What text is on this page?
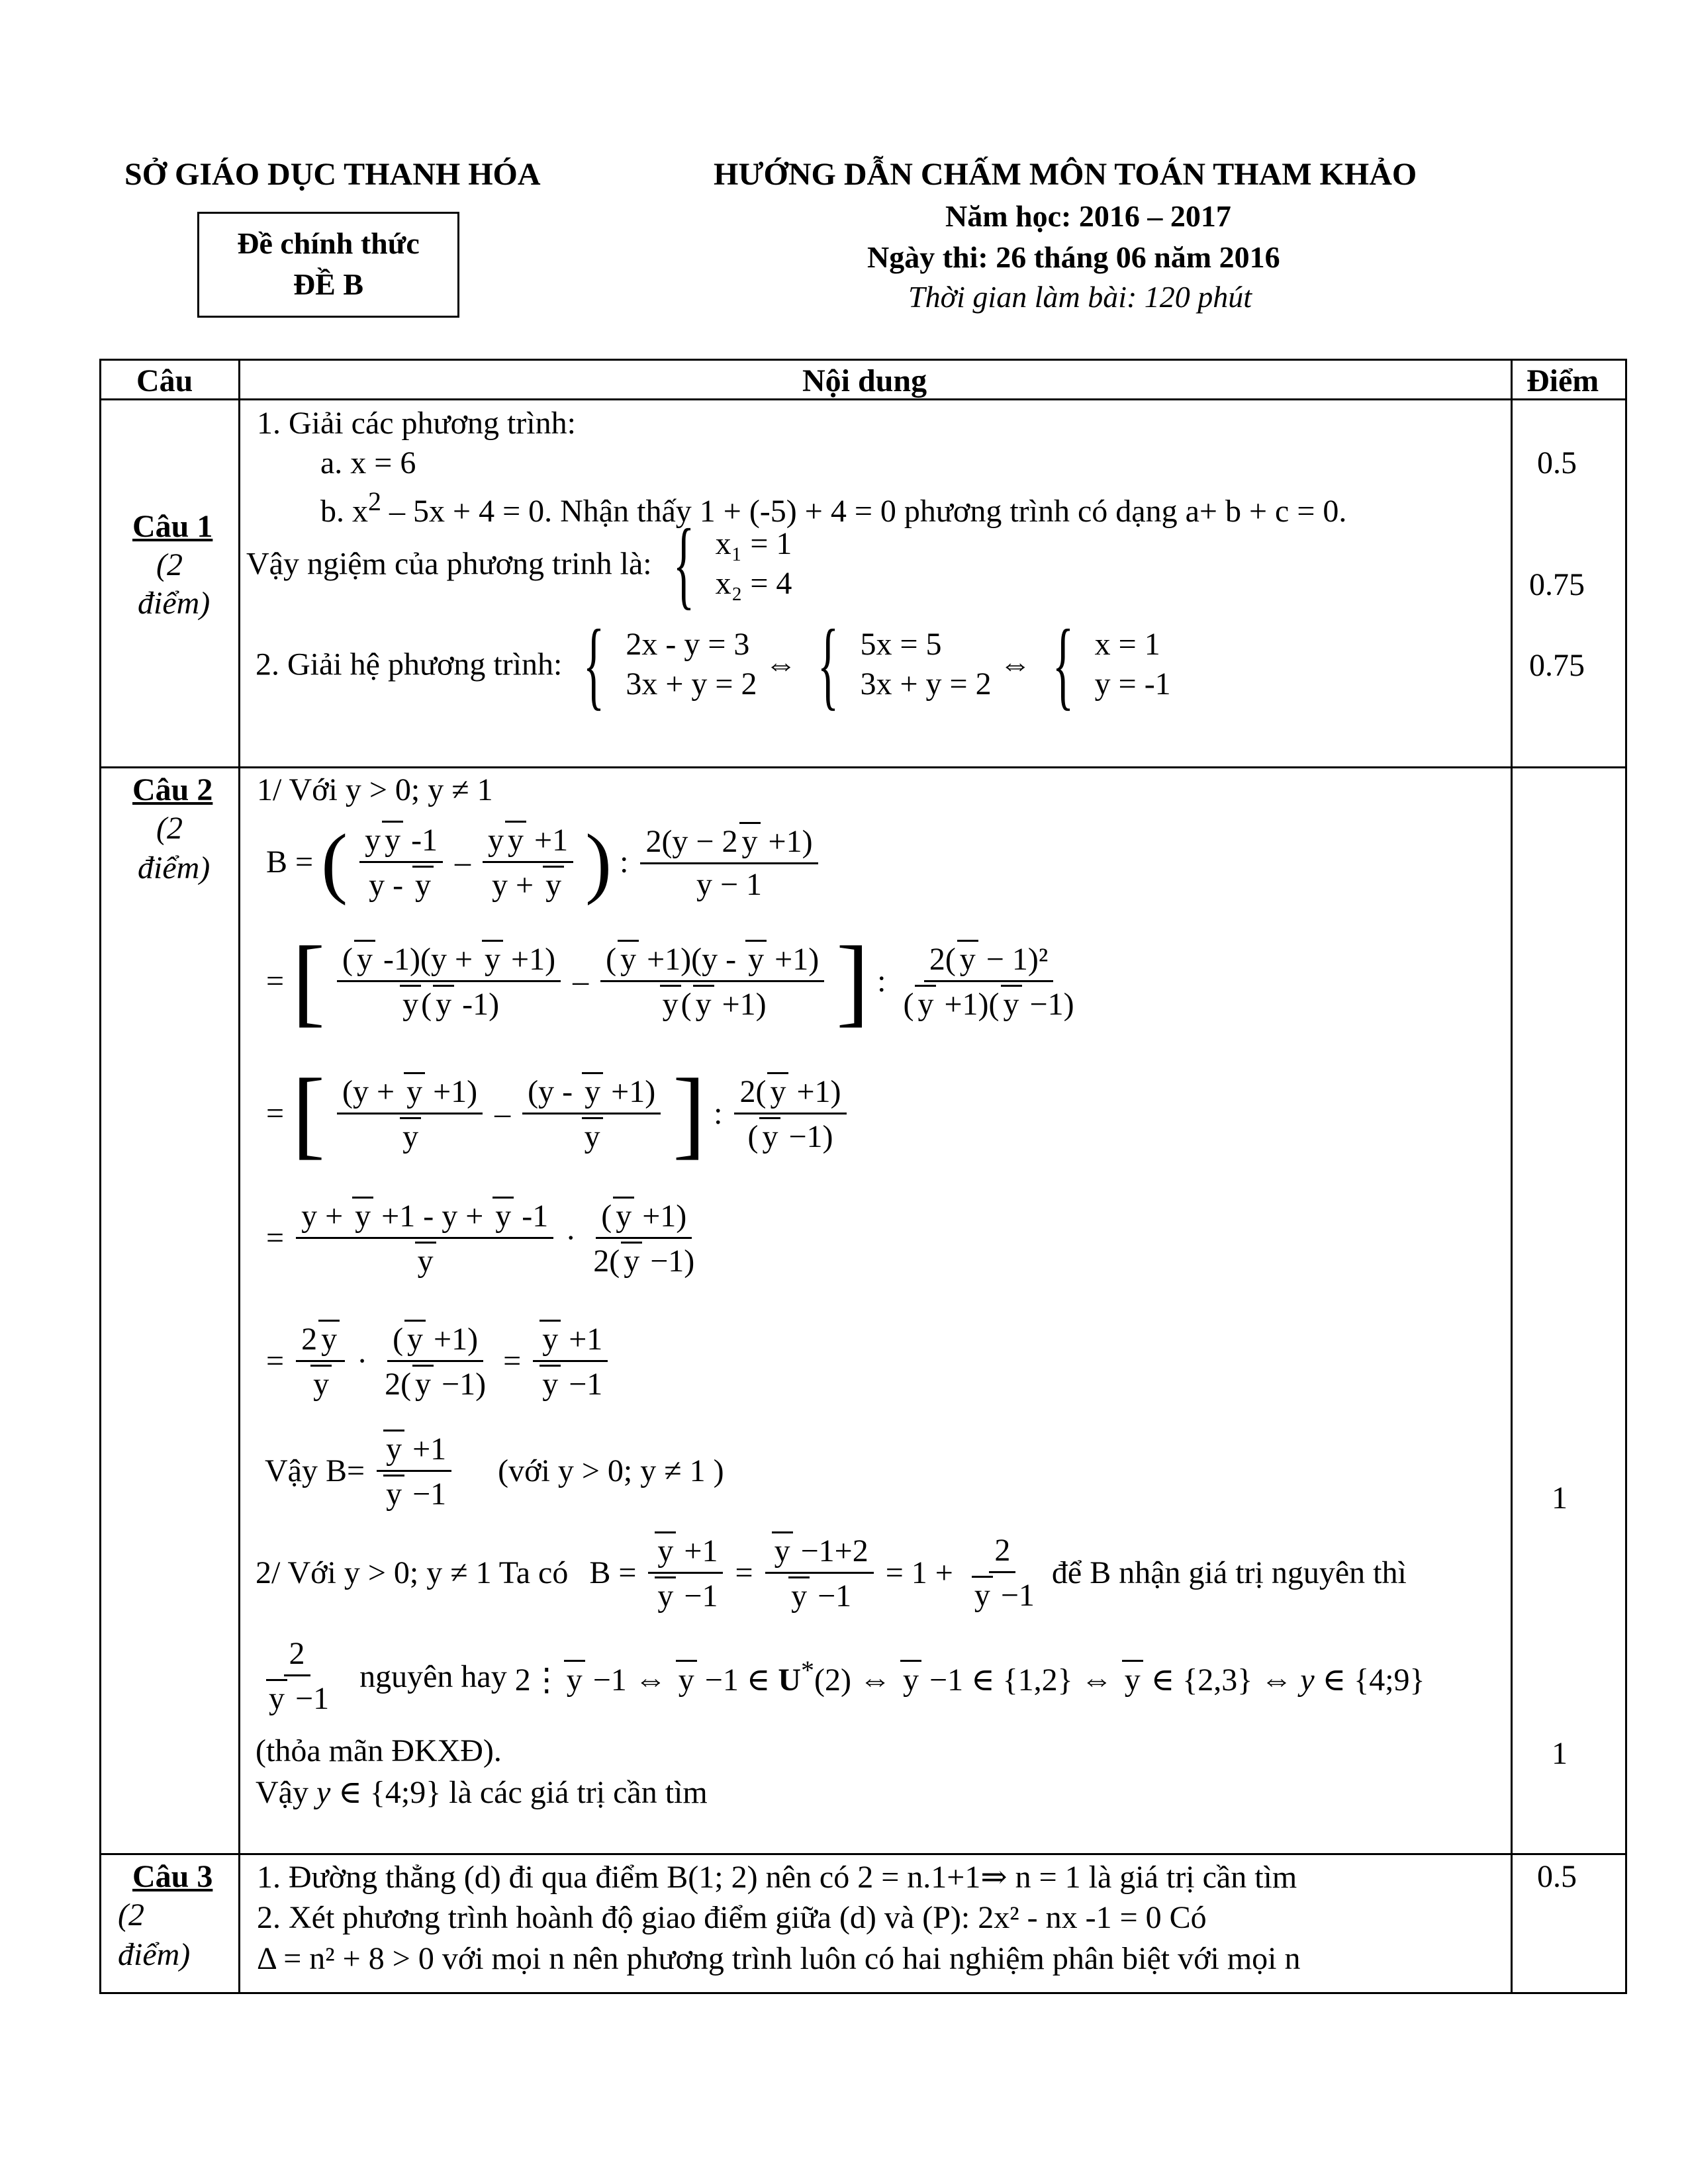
SỞ GIÁO DỤC THANH HÓA
Đề chính thức
ĐỀ B
HƯỚNG DẪN CHẤM MÔN TOÁN THAM KHẢO
Năm học: 2016 – 2017
Ngày thi: 26 tháng 06 năm 2016
Thời gian làm bài: 120 phút
Câu	Nội dung	Điểm
Câu 1
(2
điểm)
1. Giải các phương trình:
a. x = 6
b. $x^2 - 5x + 4 = 0$. Nhận thấy 1 + (-5) + 4 = 0 phương trình có dạng a+ b + c = 0.
Vậy ngiệm của phương trinh là: { x₁ = 1
x₂ = 4
2. Giải hệ phương trình: { 2x - y = 3
3x + y = 2
⇔ { 5x = 5
3x + y = 2
⇔ { x = 1
y = -1
0.5
0.75
0.75
Câu 2
(2
điểm)
1/ Với y > 0; y ≠ 1
B = ( $\frac{\text{y y -1}}{y - y} - \frac{\text{y y +1}}{y + y}$ ) : $\frac{2(y - 2 y +1)}{y - 1}$
= [ $\frac{( y -1)(y + y +1)}{y( y -1)} - \frac{( y +1)(y - y +1)}{y( y +1)}$ ] : $\frac{\text{2( y − 1)²}}{( y +1)( y -1)}$
= [ $\frac{(y + y +1)}{y} - \frac{(y - y +1)}{y}$ ] : $\frac{2( y +1)}{( y -1)}$
= $\frac{y + y +1 - y + y -1}{y} \cdot \frac{( y +1)}{2( y -1)}$
= $\frac{2 y}{y} \cdot \frac{( y +1)}{2( y -1)} = \frac{y +1}{y -1}$
Vậy $B= \frac{y +1}{y -1}$ (với y > 0; y ≠ 1 )
2/ Với y > 0; y ≠ 1 Ta có $B = \frac{y +1}{y -1} = \frac{y -1+2}{y -1} = 1 + \frac{2}{y -1}$ để B nhận giá trị nguyên thì
$\frac{2}{y -1}$ nguyên hay 2⋮ y −1 ⇔ y −1 ∈ U*(2) ⇔ y −1 ∈ {1,2} ⇔ y ∈ {2,3} ⇔ y ∈ {4;9}
(thỏa mãn ĐKXĐ).
Vậy y ∈ {4;9} là các giá trị cần tìm
1
1
Câu 3
(2
điểm)
1. Đường thẳng (d) đi qua điểm B(1; 2) nên có 2 = n.1+1⇒ n = 1 là giá trị cần tìm
2. Xét phương trình hoành độ giao điểm giữa (d) và (P): 2x² - nx -1 = 0 Có
Δ = n² + 8 > 0 với mọi n nên phương trình luôn có hai nghiệm phân biệt với mọi n
0.5
